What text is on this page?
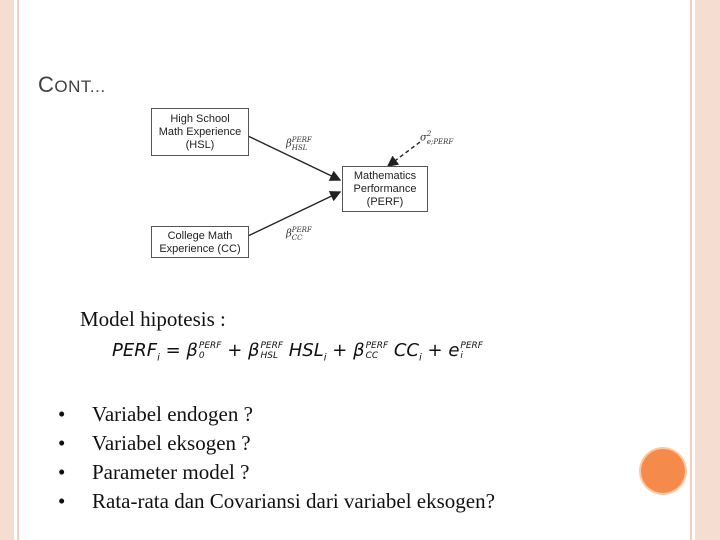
CONT...
High School
Math Experience
(HSL)
College Math
Experience (CC)
Mathematics
Performance
(PERF)
β PERF
HSL
β PERF
CC
σ 2
e;PERF
Model hipotesis :
$PERF_i = \beta$ PERF
0	+ β PERF
HSL $HSL_i + \beta$ PERF
CC $CC_i + e$ PERF
i
• Variabel endogen ?
• Variabel eksogen ?
• Parameter model ?
• Rata-rata dan Covariansi dari variabel eksogen?
